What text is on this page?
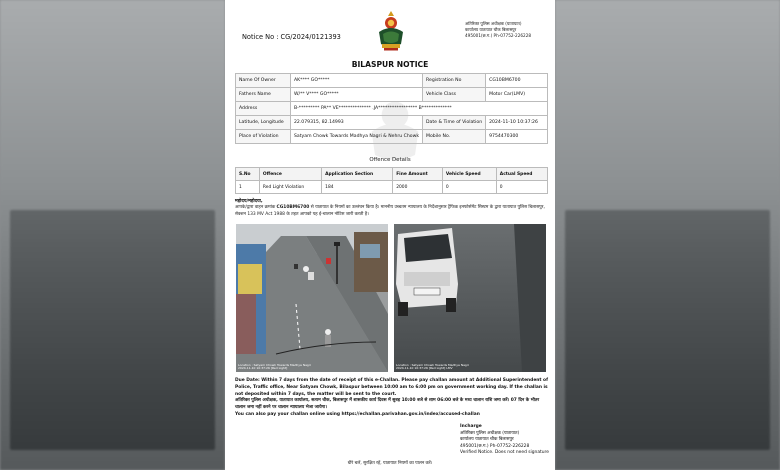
Notice No : CG/2024/0121393
अतिरिक्त पुलिस अधीक्षक (यातायात)
कार्यालय यातायात चौक बिलासपुर
495001(छ.ग.) Ph-07752-226228
BILASPUR NOTICE
Name Of Owner	AK**** GO*****	Registration No	CG10BM6700
Fathers Name	W/** V**** GO*****	Vehicle Class	Motor Car(LMV)
Address	B-********* PA** VE************** .JA***************** B*************		
Latitude, Longitude	22.079315, 82.14993	Date & Time of Violation	2024-11-10 10:37:26
Place of Violation	Satyam Chowk Towards Madhya Nagri & Nehru Chowk	Mobile No.	9754470300
Offence Details
S.No	Offence	Application Section	Fine Amount	Vehicle Speed	Actual Speed
1	Red Light Violation	184	2000	0	0
महोदय/महोदया,
आपके/द्वारा वाहन क्रमांक CG10BM6700 से यातायात के नियमों का उल्लंघन किया है। माननीय उच्चतम न्यायालय के निर्देशानुसार ट्रैफिक इनफोर्समेंट सिस्टम के द्वारा यातायात पुलिस बिलासपुर, सेक्शन 133 MV Act 1988 के तहत आपको यह ई-चालान नोटिस जारी करती है।
Location : Satyam Chowk Towards Madhya Nagri
2024-11-10 10:37:26 [Red Light]
Location : Satyam Chowk Towards Madhya Nagri
2024-11-10 10:37:26 [Red Light] LMV
Due Date: Within 7 days from the date of receipt of this e-Challan. Please pay challan amount at Additional Superintendent of Police, Traffic office, Near Satyam Chowk, Bilaspur between 10:00 am to 6:00 pm on government working day. If the challan is not deposited within 7 days, the matter will be sent to the court.
अतिरिक्त पुलिस अधीक्षक, यातायात कार्यालय, सत्यम चौक, बिलासपुर में शासकीय कार्य दिवस में सुबह 10:00 बजे से शाम 06:00 बजे के मध्य चालान राशि जमा करें। 07 दिन के भीतर चालान जमा नहीं करने पर चालान न्यायालय भेजा जायेगा।
You can also pay your challan online using https://echallan.parivahan.gov.in/index/accused-challan
Incharge
अतिरिक्त पुलिस अधीक्षक (यातायात)
कार्यालय यातायात चौक बिलासपुर
495001(छ.ग.) Ph-07752-226228
Verified Notice. Does not need signature
धीरे चलें, सुरक्षित रहें, यातायात नियमों का पालन करें।
